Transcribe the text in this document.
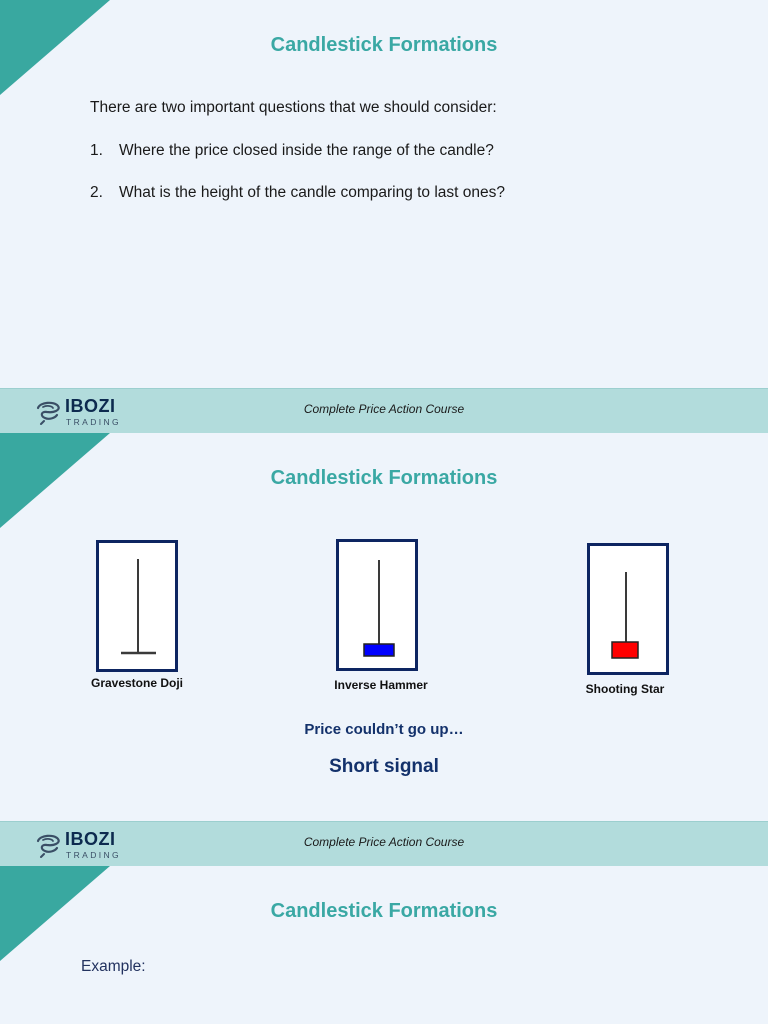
Candlestick Formations
There are two important questions that we should consider:
1. Where the price closed inside the range of the candle?
2. What is the height of the candle comparing to last ones?
IBOZI
TRADING
Complete Price Action Course
Candlestick Formations
Gravestone Doji	Inverse Hammer	Shooting Star
Price couldn’t go up…
Short signal
IBOZI
TRADING
Complete Price Action Course
Candlestick Formations
Example:
